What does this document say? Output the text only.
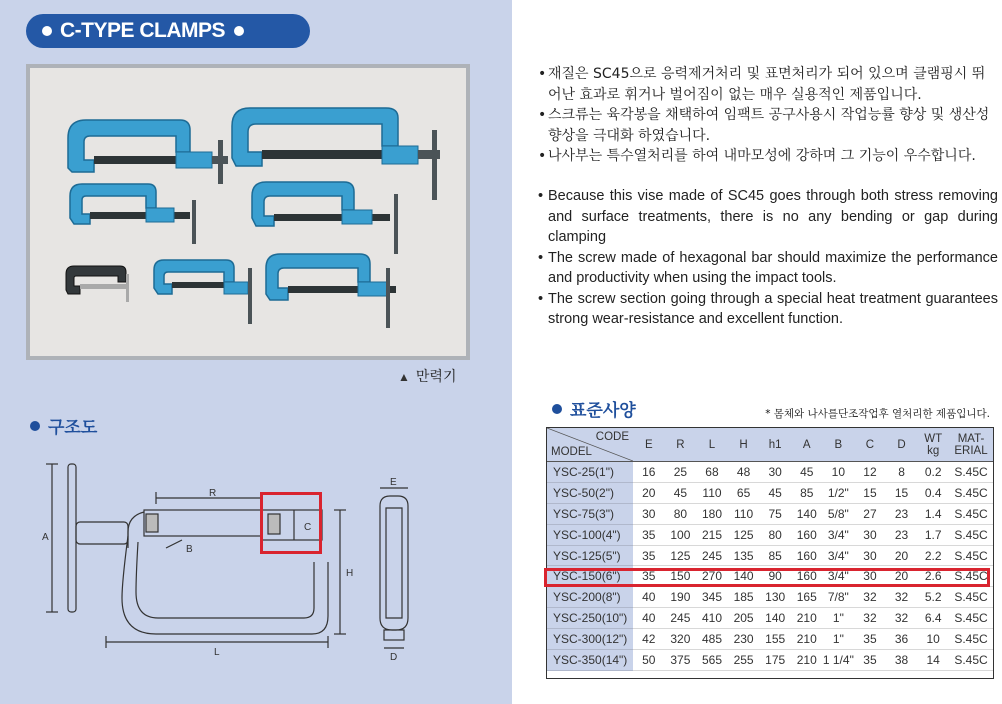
C-TYPE CLAMPS
▲ 만력기
구조도
R
A
B
C
H
L
E
D
• 재질은 SC45으로 응력제거처리 및 표면처리가 되어 있으며 클램핑시 뛰어난 효과로 휘거나 벌어짐이 없는 매우 실용적인 제품입니다.
• 스크류는 육각봉을 채택하여 임팩트 공구사용시 작업능률 향상 및 생산성 향상을 극대화 하였습니다.
• 나사부는 특수열처리를 하여 내마모성에 강하며 그 기능이 우수합니다.
• Because this vise made of SC45 goes through both stress removing and surface treatments, there is no any bending or gap during clamping
• The screw made of hexagonal bar should maximize the performance and productivity when using the impact tools.
• The screw section going through a special heat treatment guarantees strong wear-resistance and excellent function.
표준사양	* 몸체와 나사를단조작업후 열처리한 제품입니다.
CODE
MODEL	E	R	L	H	h1	A	B	C	D	WT
kg	MAT-
ERIAL
YSC-25(1")	16	25	68	48	30	45	10	12	8	0.2	S.45C
YSC-50(2")	20	45	110	65	45	85	1/2"	15	15	0.4	S.45C
YSC-75(3")	30	80	180	110	75	140	5/8"	27	23	1.4	S.45C
YSC-100(4")	35	100	215	125	80	160	3/4"	30	23	1.7	S.45C
YSC-125(5")	35	125	245	135	85	160	3/4"	30	20	2.2	S.45C
YSC-150(6")	35	150	270	140	90	160	3/4"	30	20	2.6	S.45C
YSC-200(8")	40	190	345	185	130	165	7/8"	32	32	5.2	S.45C
YSC-250(10")	40	245	410	205	140	210	1"	32	32	6.4	S.45C
YSC-300(12")	42	320	485	230	155	210	1"	35	36	10	S.45C
YSC-350(14")	50	375	565	255	175	210	1 1/4"	35	38	14	S.45C
